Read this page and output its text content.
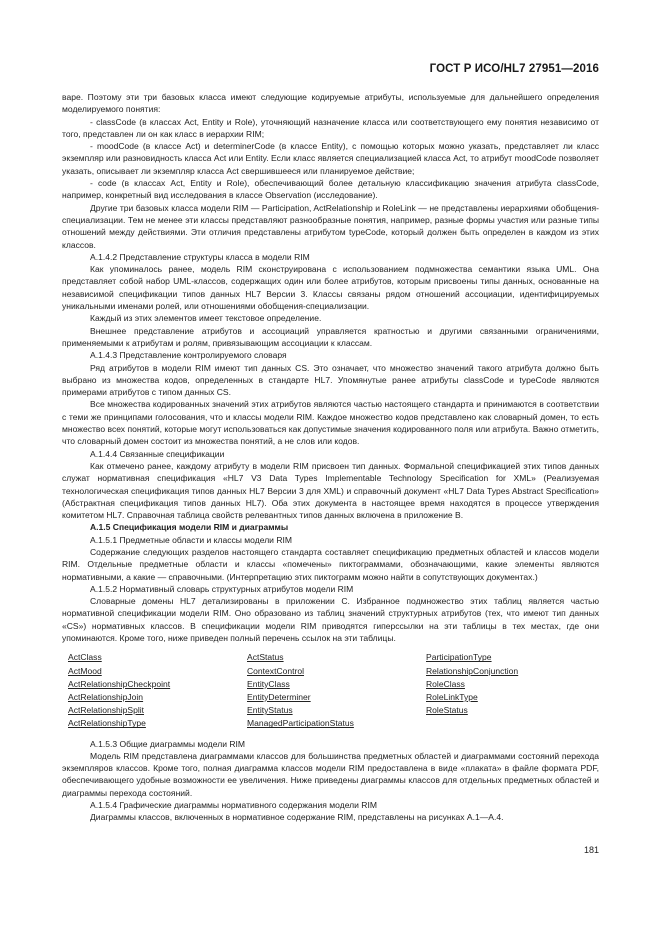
ГОСТ Р ИСО/HL7 27951—2016

варе. Поэтому эти три базовых класса имеют следующие кодируемые атрибуты, используемые для дальнейшего определения моделируемого понятия:

- classCode (в классах Act, Entity и Role), уточняющий назначение класса или соответствующего ему понятия независимо от того, представлен ли он как класс в иерархии RIM;

- moodCode (в классе Act) и determinerCode (в классе Entity), с помощью которых можно указать, представляет ли класс экземпляр или разновидность класса Act или Entity. Если класс является специализацией класса Act, то атрибут moodCode позволяет указать, описывает ли экземпляр класса Act свершившееся или планируемое действие;

- code (в классах Act, Entity и Role), обеспечивающий более детальную классификацию значения атрибута classCode, например, конкретный вид исследования в классе Observation (исследование).

Другие три базовых класса модели RIM — Participation, ActRelationship и RoleLink — не представлены иерархиями обобщения-специализации. Тем не менее эти классы представляют разнообразные понятия, например, разные формы участия или разные типы отношений между действиями. Эти отличия представлены атрибутом typeCode, который должен быть определен в каждом из этих классов.

А.1.4.2 Представление структуры класса в модели RIM

Как упоминалось ранее, модель RIM сконструирована с использованием подмножества семантики языка UML. Она представляет собой набор UML-классов, содержащих один или более атрибутов, которым присвоены типы данных, основанные на независимой спецификации типов данных HL7 Версии 3. Классы связаны рядом отношений ассоциации, идентифицируемых уникальными именами ролей, или отношениями обобщения-специализации.

Каждый из этих элементов имеет текстовое определение.

Внешнее представление атрибутов и ассоциаций управляется кратностью и другими связанными ограничениями, применяемыми к атрибутам и ролям, привязывающим ассоциации к классам.

А.1.4.3 Представление контролируемого словаря

Ряд атрибутов в модели RIM имеют тип данных CS. Это означает, что множество значений такого атрибута должно быть выбрано из множества кодов, определенных в стандарте HL7. Упомянутые ранее атрибуты classCode и typeCode являются примерами атрибутов с типом данных CS.

Все множества кодированных значений этих атрибутов являются частью настоящего стандарта и принимаются в соответствии с теми же принципами голосования, что и классы модели RIM. Каждое множество кодов представлено как словарный домен, то есть множество всех понятий, которые могут использоваться как допустимые значения кодированного поля или атрибута. Важно отметить, что словарный домен состоит из множества понятий, а не слов или кодов.

А.1.4.4 Связанные спецификации

Как отмечено ранее, каждому атрибуту в модели RIM присвоен тип данных. Формальной спецификацией этих типов данных служат нормативная спецификация «HL7 V3 Data Types Implementable Technology Specification for XML» (Реализуемая технологическая спецификация типов данных HL7 Версии 3 для XML) и справочный документ «HL7 Data Types Abstract Specification» (Абстрактная спецификация типов данных HL7). Оба этих документа в настоящее время находятся в процессе утверждения комитетом HL7. Справочная таблица свойств релевантных типов данных включена в приложение В.

А.1.5 Спецификация модели RIM и диаграммы

А.1.5.1 Предметные области и классы модели RIM

Содержание следующих разделов настоящего стандарта составляет спецификацию предметных областей и классов модели RIM. Отдельные предметные области и классы «помечены» пиктограммами, обозначающими, какие элементы являются нормативными, а какие — справочными. (Интерпретацию этих пиктограмм можно найти в сопутствующих документах.)

А.1.5.2 Нормативный словарь структурных атрибутов модели RIM

Словарные домены HL7 детализированы в приложении С. Избранное подмножество этих таблиц является частью нормативной спецификации модели RIM. Оно образовано из таблиц значений структурных атрибутов (тех, что имеют тип данных «CS») нормативных классов. В спецификации модели RIM приводятся гиперссылки на эти таблицы в тех местах, где они упоминаются. Кроме того, ниже приведен полный перечень ссылок на эти таблицы.

ActClass
ActMood
ActRelationshipCheckpoint
ActRelationshipJoin
ActRelationshipSplit
ActRelationshipType
ActStatus
ContextControl
EntityClass
EntityDeterminer
EntityStatus
ManagedParticipationStatus
ParticipationType
RelationshipConjunction
RoleClass
RoleLinkType
RoleStatus

А.1.5.3 Общие диаграммы модели RIM

Модель RIM представлена диаграммами классов для большинства предметных областей и диаграммами состояний перехода экземпляров классов. Кроме того, полная диаграмма классов модели RIM предоставлена в виде «плаката» в файле формата PDF, обеспечивающего удобные возможности ее увеличения. Ниже приведены диаграммы классов для отдельных предметных областей и диаграммы перехода состояний.

А.1.5.4 Графические диаграммы нормативного содержания модели RIM

Диаграммы классов, включенных в нормативное содержание RIM, представлены на рисунках А.1—А.4.

181
